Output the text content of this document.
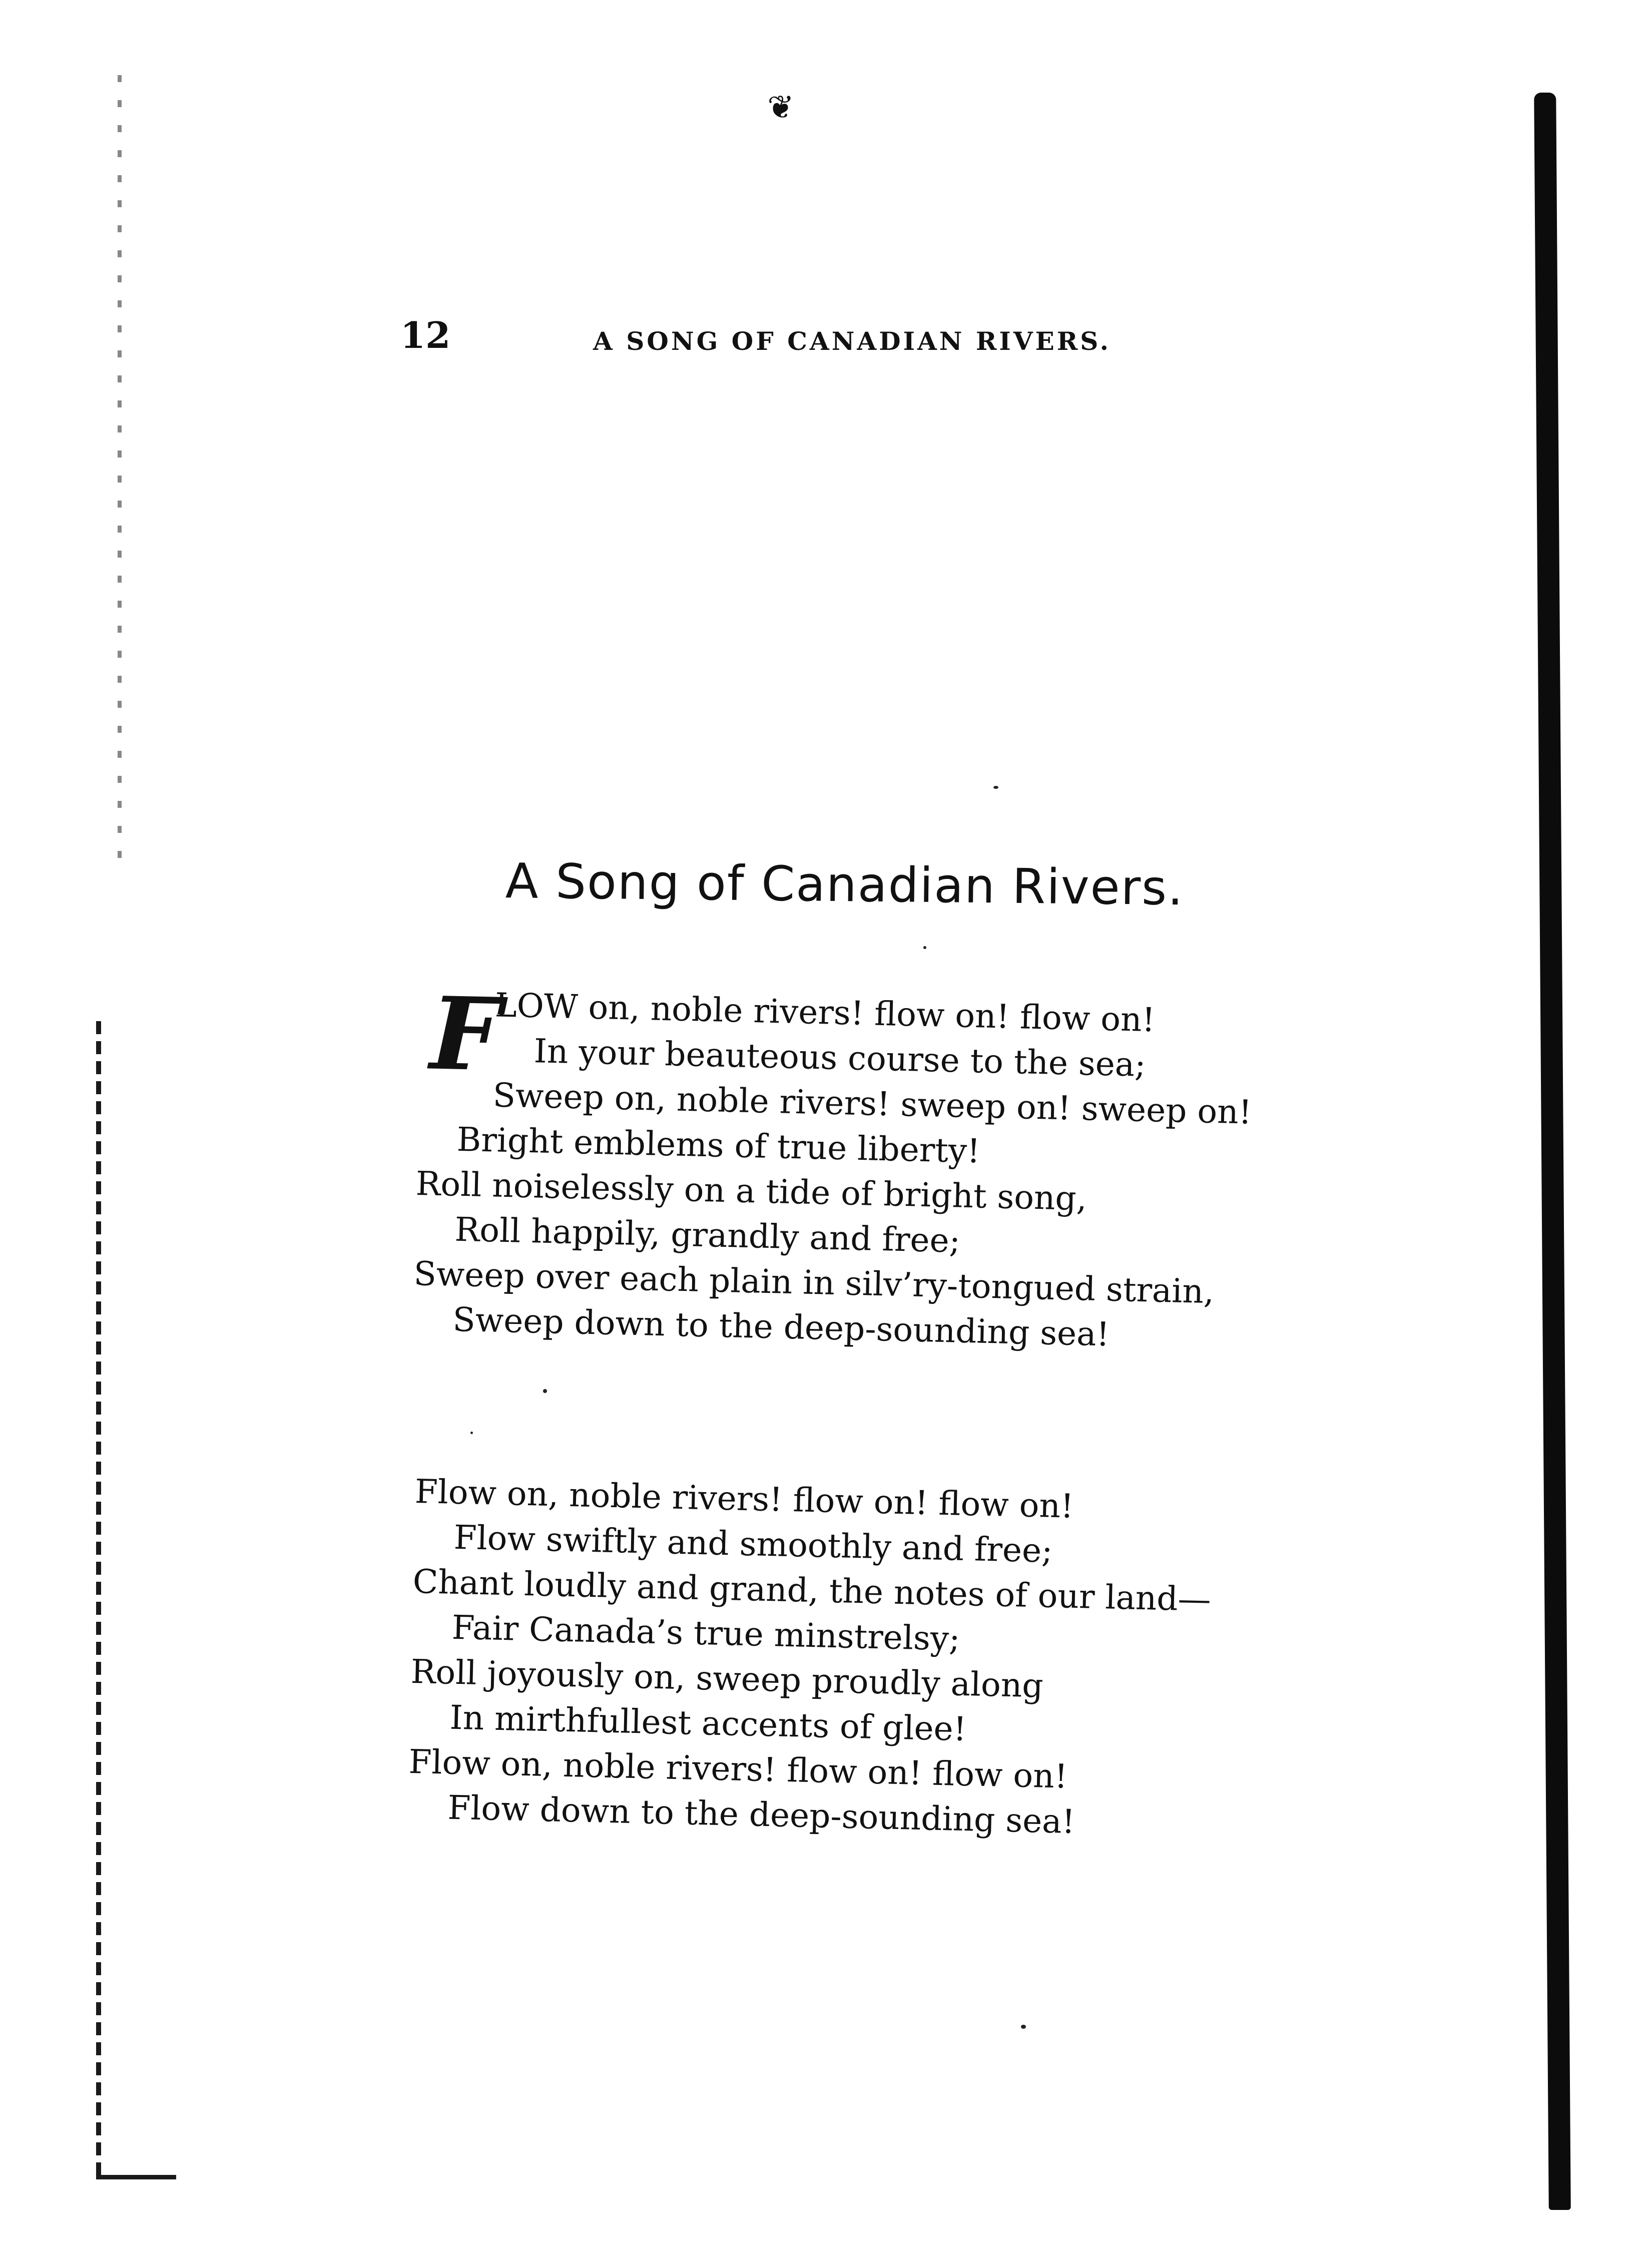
❦
12	A SONG OF CANADIAN RIVERS.
A Song of Canadian Rivers.
F
LOW on, noble rivers! flow on! flow on!
In your beauteous course to the sea;
Sweep on, noble rivers! sweep on! sweep on!
Bright emblems of true liberty!
Roll noiselessly on a tide of bright song,
Roll happily, grandly and free;
Sweep over each plain in silv’ry-tongued strain,
Sweep down to the deep-sounding sea!
Flow on, noble rivers! flow on! flow on!
Flow swiftly and smoothly and free;
Chant loudly and grand, the notes of our land—
Fair Canada’s true minstrelsy;
Roll joyously on, sweep proudly along
In mirthfullest accents of glee!
Flow on, noble rivers! flow on! flow on!
Flow down to the deep-sounding sea!
